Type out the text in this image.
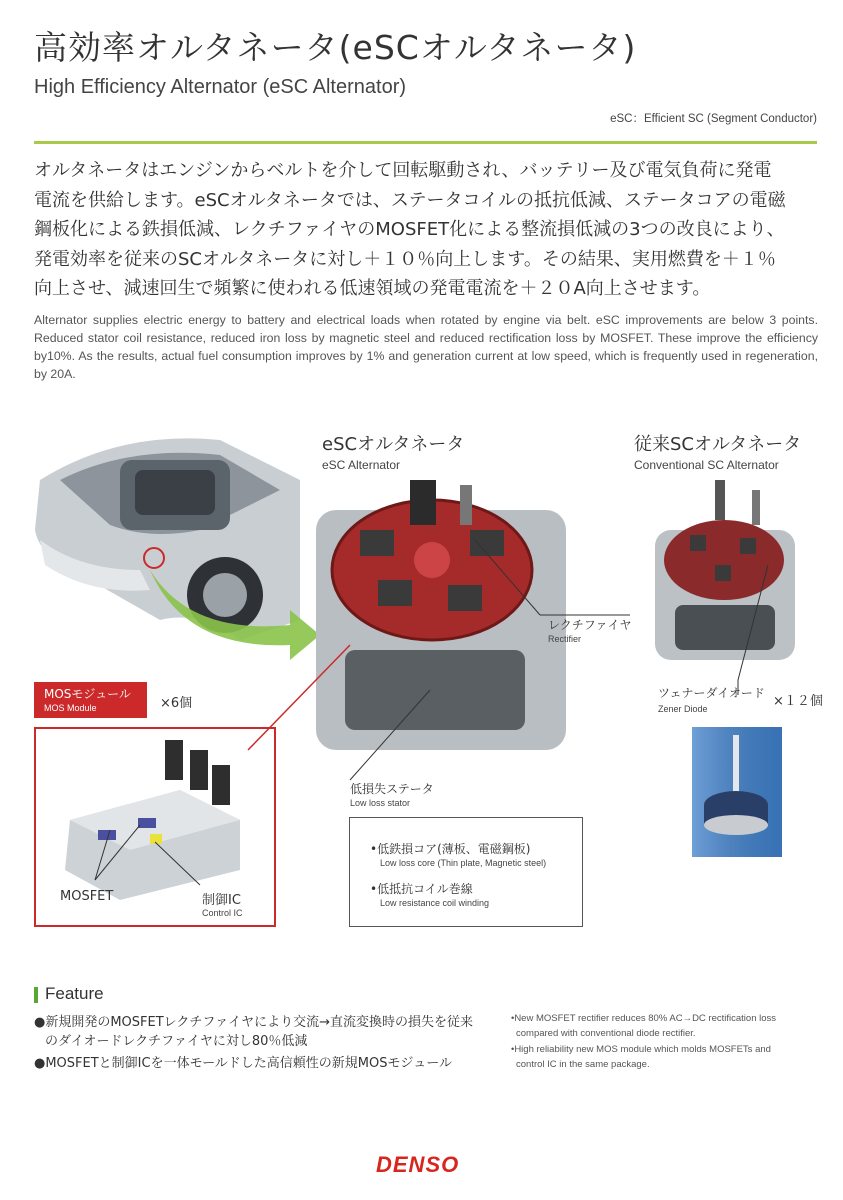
高効率オルタネータ(eSCオルタネータ)
High Efficiency Alternator (eSC Alternator)
eSC：Efficient SC (Segment Conductor)

オルタネータはエンジンからベルトを介して回転駆動され、バッテリー及び電気負荷に発電

電流を供給します。eSCオルタネータでは、ステータコイルの抵抗低減、ステータコアの電磁

鋼板化による鉄損低減、レクチファイヤのMOSFET化による整流損低減の3つの改良により、

発電効率を従来のSCオルタネータに対し＋１０％向上します。その結果、実用燃費を＋１％

向上させ、減速回生で頻繁に使われる低速領域の発電電流を＋２０A向上させます。

Alternator supplies electric energy to battery and electrical loads when rotated by engine via belt. eSC improvements are below 3 points. Reduced stator coil resistance, reduced iron loss by magnetic steel and reduced rectification loss by MOSFET. These improve the efficiency by10%. As the results, actual fuel consumption improves by 1% and generation current at low speed, which is frequently used in regeneration, by 20A.
eSCオルタネータ
eSC Alternator
従来SCオルタネータ
Conventional SC Alternator
レクチファイヤ
Rectifier
ツェナーダイオード
Zener Diode	×１２個
低損失ステータ
Low loss stator
MOSモジュール
MOS Module	×6個
MOSFET	制御IC
Control IC
•低鉄損コア(薄板、電磁鋼板)
Low loss core (Thin plate, Magnetic steel)
•低抵抗コイル巻線
Low resistance coil winding
Feature
●新規開発のMOSFETレクチファイヤにより交流→直流変換時の損失を従来
のダイオードレクチファイヤに対し80％低減
●MOSFETと制御ICを一体モールドした高信頼性の新規MOSモジュール
•New MOSFET rectifier reduces 80% AC→DC rectification loss
compared with conventional diode rectifier.
•High reliability new MOS module which molds MOSFETs and
control IC in the same package.
DENSO
